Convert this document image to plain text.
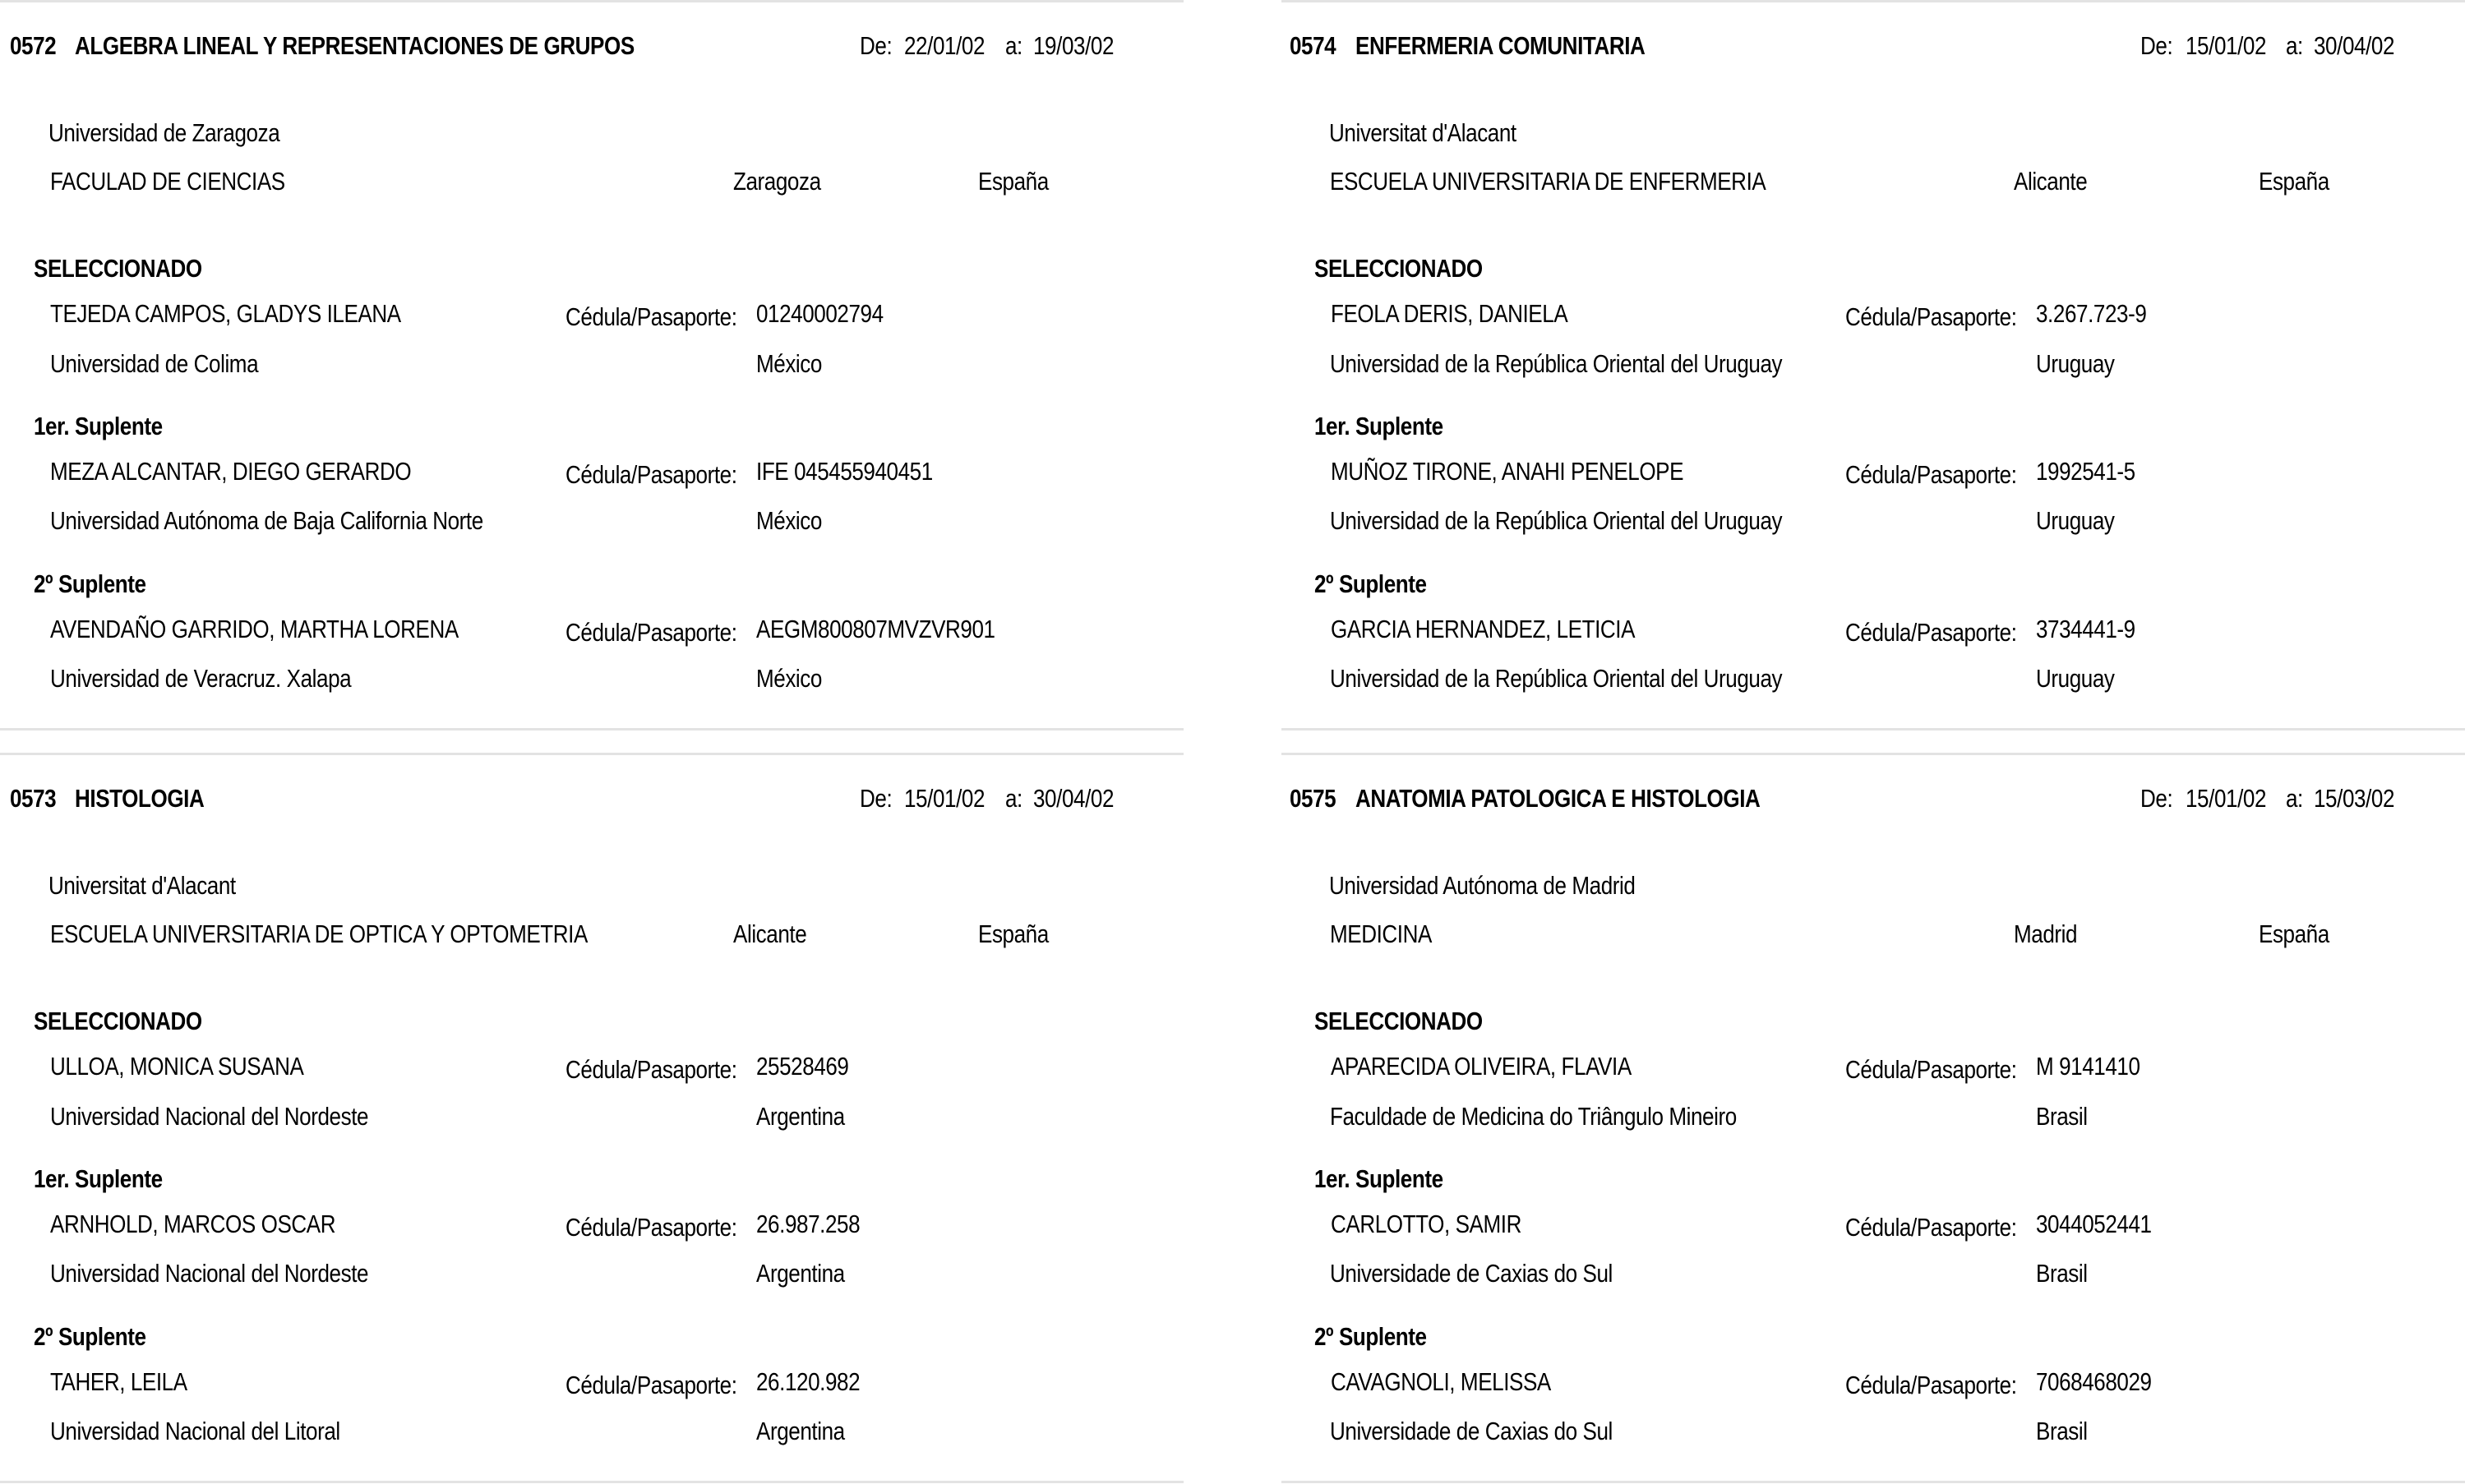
0572 ALGEBRA LINEAL Y REPRESENTACIONES DE GRUPOS	De: 22/01/02 a: 19/03/02
Universidad de Zaragoza
FACULAD DE CIENCIAS	Zaragoza	España
SELECCIONADO
TEJEDA CAMPOS, GLADYS ILEANA	Cédula/Pasaporte: 01240002794
Universidad de Colima	México
1er. Suplente
MEZA ALCANTAR, DIEGO GERARDO	Cédula/Pasaporte: IFE 045455940451
Universidad Autónoma de Baja California Norte	México
2º Suplente
AVENDAÑO GARRIDO, MARTHA LORENA	Cédula/Pasaporte: AEGM800807MVZVR901
Universidad de Veracruz. Xalapa	México
0574 ENFERMERIA COMUNITARIA	De: 15/01/02 a: 30/04/02
Universitat d'Alacant
ESCUELA UNIVERSITARIA DE ENFERMERIA	Alicante	España
SELECCIONADO
FEOLA DERIS, DANIELA	Cédula/Pasaporte: 3.267.723-9
Universidad de la República Oriental del Uruguay	Uruguay
1er. Suplente
MUÑOZ TIRONE, ANAHI PENELOPE	Cédula/Pasaporte: 1992541-5
Universidad de la República Oriental del Uruguay	Uruguay
2º Suplente
GARCIA HERNANDEZ, LETICIA	Cédula/Pasaporte: 3734441-9
Universidad de la República Oriental del Uruguay	Uruguay
0573 HISTOLOGIA	De: 15/01/02 a: 30/04/02
Universitat d'Alacant
ESCUELA UNIVERSITARIA DE OPTICA Y OPTOMETRIA	Alicante	España
SELECCIONADO
ULLOA, MONICA SUSANA	Cédula/Pasaporte: 25528469
Universidad Nacional del Nordeste	Argentina
1er. Suplente
ARNHOLD, MARCOS OSCAR	Cédula/Pasaporte: 26.987.258
Universidad Nacional del Nordeste	Argentina
2º Suplente
TAHER, LEILA	Cédula/Pasaporte: 26.120.982
Universidad Nacional del Litoral	Argentina
0575 ANATOMIA PATOLOGICA E HISTOLOGIA	De: 15/01/02 a: 15/03/02
Universidad Autónoma de Madrid
MEDICINA	Madrid	España
SELECCIONADO
APARECIDA OLIVEIRA, FLAVIA	Cédula/Pasaporte: M 9141410
Faculdade de Medicina do Triângulo Mineiro	Brasil
1er. Suplente
CARLOTTO, SAMIR	Cédula/Pasaporte: 3044052441
Universidade de Caxias do Sul	Brasil
2º Suplente
CAVAGNOLI, MELISSA	Cédula/Pasaporte: 7068468029
Universidade de Caxias do Sul	Brasil
